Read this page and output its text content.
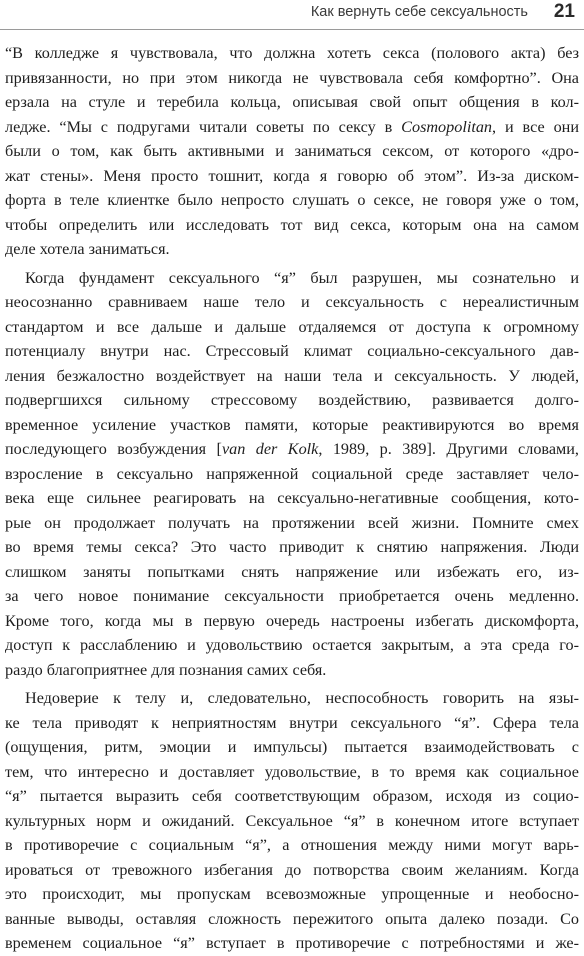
Как вернуть себе сексуальность 21
“В колледже я чувствовала, что должна хотеть секса (полового акта) без
привязанности, но при этом никогда не чувствовала себя комфортно”. Она
ерзала на стуле и теребила кольца, описывая свой опыт общения в кол-
ледже. “Мы с подругами читали советы по сексу в Cosmopolitan, и все они
были о том, как быть активными и заниматься сексом, от которого «дро-
жат стены». Меня просто тошнит, когда я говорю об этом”. Из-за диском-
форта в теле клиентке было непросто слушать о сексе, не говоря уже о том,
чтобы определить или исследовать тот вид секса, которым она на самом
деле хотела заниматься.
Когда фундамент сексуального “я” был разрушен, мы сознательно и
неосознанно сравниваем наше тело и сексуальность с нереалистичным
стандартом и все дальше и дальше отдаляемся от доступа к огромному
потенциалу внутри нас. Стрессовый климат социально-сексуального дав-
ления безжалостно воздействует на наши тела и сексуальность. У людей,
подвергшихся сильному стрессовому воздействию, развивается долго-
временное усиление участков памяти, которые реактивируются во время
последующего возбуждения [van der Kolk, 1989, p. 389]. Другими словами,
взросление в сексуально напряженной социальной среде заставляет чело-
века еще сильнее реагировать на сексуально-негативные сообщения, кото-
рые он продолжает получать на протяжении всей жизни. Помните смех
во время темы секса? Это часто приводит к снятию напряжения. Люди
слишком заняты попытками снять напряжение или избежать его, из-
за чего новое понимание сексуальности приобретается очень медленно.
Кроме того, когда мы в первую очередь настроены избегать дискомфорта,
доступ к расслаблению и удовольствию остается закрытым, а эта среда го-
раздо благоприятнее для познания самих себя.
Недоверие к телу и, следовательно, неспособность говорить на язы-
ке тела приводят к неприятностям внутри сексуального “я”. Сфера тела
(ощущения, ритм, эмоции и импульсы) пытается взаимодействовать с
тем, что интересно и доставляет удовольствие, в то время как социальное
“я” пытается выразить себя соответствующим образом, исходя из социо-
культурных норм и ожиданий. Сексуальное “я” в конечном итоге вступает
в противоречие с социальным “я”, а отношения между ними могут варь-
ироваться от тревожного избегания до потворства своим желаниям. Когда
это происходит, мы пропускам всевозможные упрощенные и необосно-
ванные выводы, оставляя сложность пережитого опыта далеко позади. Со
временем социальное “я” вступает в противоречие с потребностями и же-
